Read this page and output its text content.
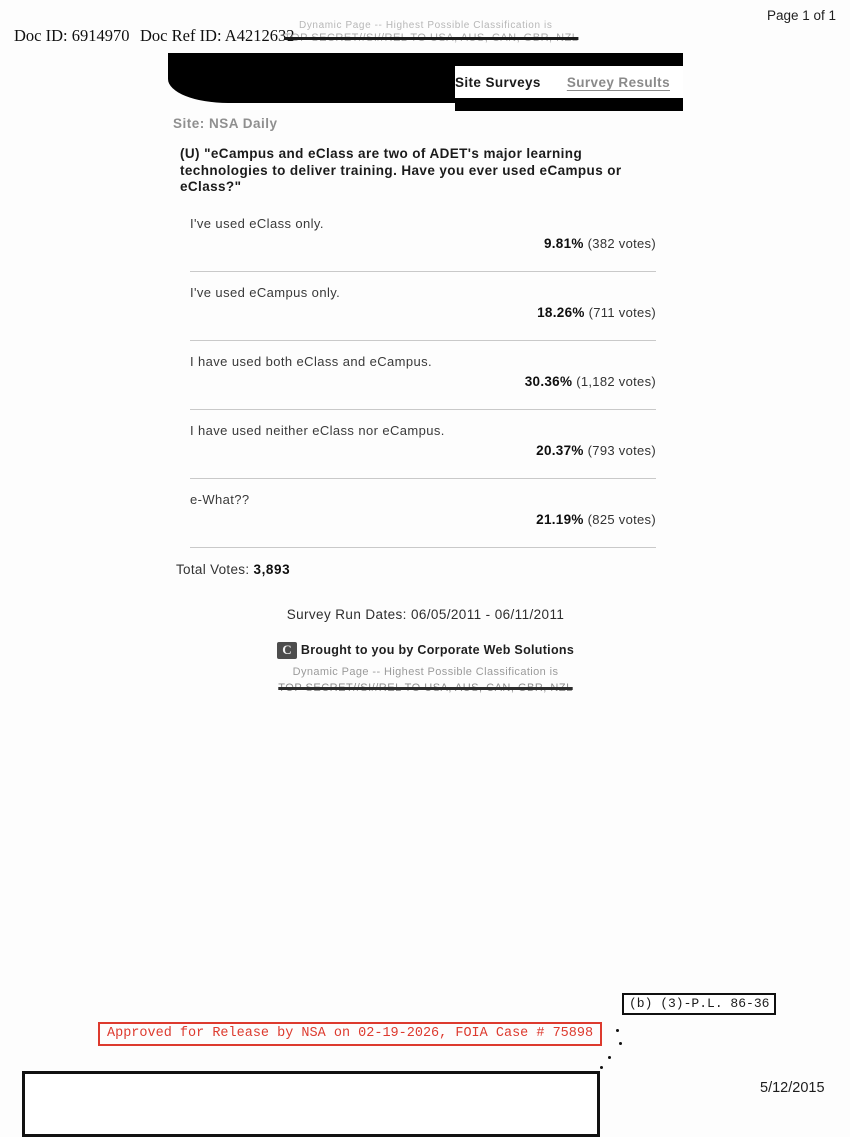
Page 1 of 1
Doc ID: 6914970 Doc Ref ID: A4212632
Dynamic Page -- Highest Possible Classification is
TOP SECRET//SI//REL TO USA, AUS, CAN, GBR, NZL
Site Surveys Survey Results
Site: NSA Daily
(U) "eCampus and eClass are two of ADET's major learning technologies to deliver training. Have you ever used eCampus or eClass?"
I've used eClass only.
9.81% (382 votes)
I've used eCampus only.
18.26% (711 votes)
I have used both eClass and eCampus.
30.36% (1,182 votes)
I have used neither eClass nor eCampus.
20.37% (793 votes)
e-What??
21.19% (825 votes)
Total Votes: 3,893
Survey Run Dates: 06/05/2011 - 06/11/2011
C Brought to you by Corporate Web Solutions
Dynamic Page -- Highest Possible Classification is
TOP SECRET//SI//REL TO USA, AUS, CAN, GBR, NZL
(b) (3)-P.L. 86-36
Approved for Release by NSA on 02-19-2026, FOIA Case # 75898
5/12/2015
